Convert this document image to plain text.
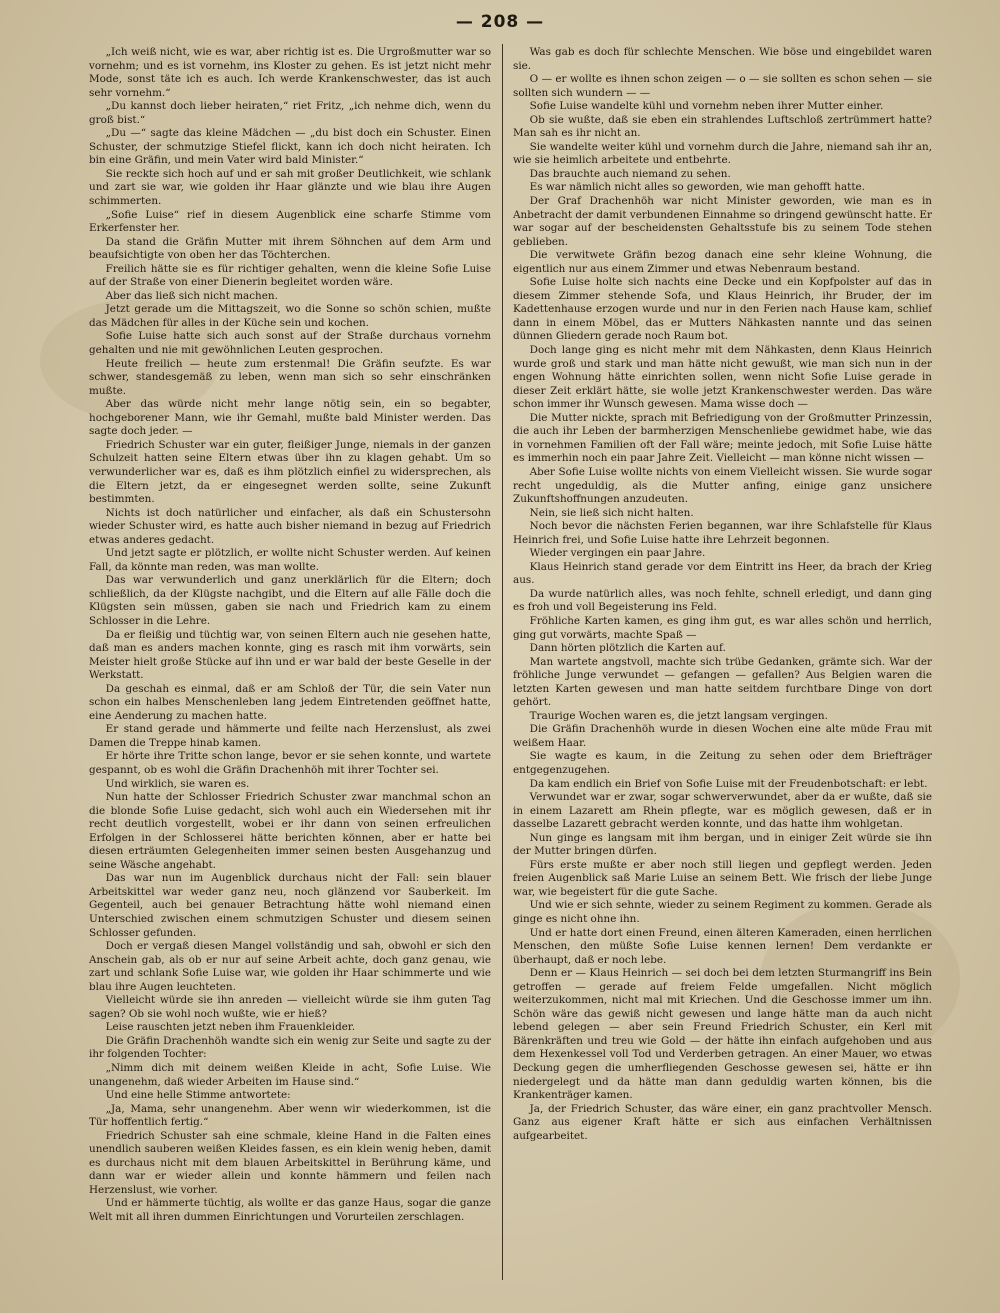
— 208 —

„Ich weiß nicht, wie es war, aber richtig ist es. Die Urgroßmutter war so vornehm; und es ist vornehm, ins Kloster zu gehen. Es ist jetzt nicht mehr Mode, sonst täte ich es auch. Ich werde Krankenschwester, das ist auch sehr vornehm.“

„Du kannst doch lieber heiraten,“ riet Fritz, „ich nehme dich, wenn du groß bist.“

„Du —“ sagte das kleine Mädchen — „du bist doch ein Schuster. Einen Schuster, der schmutzige Stiefel flickt, kann ich doch nicht heiraten. Ich bin eine Gräfin, und mein Vater wird bald Minister.“

Sie reckte sich hoch auf und er sah mit großer Deutlichkeit, wie schlank und zart sie war, wie golden ihr Haar glänzte und wie blau ihre Augen schimmerten.

„Sofie Luise“ rief in diesem Augenblick eine scharfe Stimme vom Erkerfenster her.

Da stand die Gräfin Mutter mit ihrem Söhnchen auf dem Arm und beaufsichtigte von oben her das Töchterchen.

Freilich hätte sie es für richtiger gehalten, wenn die kleine Sofie Luise auf der Straße von einer Dienerin begleitet worden wäre.

Aber das ließ sich nicht machen.

Jetzt gerade um die Mittagszeit, wo die Sonne so schön schien, mußte das Mädchen für alles in der Küche sein und kochen.

Sofie Luise hatte sich auch sonst auf der Straße durchaus vornehm gehalten und nie mit gewöhnlichen Leuten gesprochen.

Heute freilich — heute zum erstenmal! Die Gräfin seufzte. Es war schwer, standesgemäß zu leben, wenn man sich so sehr einschränken mußte.

Aber das würde nicht mehr lange nötig sein, ein so begabter, hochgeborener Mann, wie ihr Gemahl, mußte bald Minister werden. Das sagte doch jeder. —

Friedrich Schuster war ein guter, fleißiger Junge, niemals in der ganzen Schulzeit hatten seine Eltern etwas über ihn zu klagen gehabt. Um so verwunderlicher war es, daß es ihm plötzlich einfiel zu widersprechen, als die Eltern jetzt, da er eingesegnet werden sollte, seine Zukunft bestimmten.

Nichts ist doch natürlicher und einfacher, als daß ein Schustersohn wieder Schuster wird, es hatte auch bisher niemand in bezug auf Friedrich etwas anderes gedacht.

Und jetzt sagte er plötzlich, er wollte nicht Schuster werden. Auf keinen Fall, da könnte man reden, was man wollte.

Das war verwunderlich und ganz unerklärlich für die Eltern; doch schließlich, da der Klügste nachgibt, und die Eltern auf alle Fälle doch die Klügsten sein müssen, gaben sie nach und Friedrich kam zu einem Schlosser in die Lehre.

Da er fleißig und tüchtig war, von seinen Eltern auch nie gesehen hatte, daß man es anders machen konnte, ging es rasch mit ihm vorwärts, sein Meister hielt große Stücke auf ihn und er war bald der beste Geselle in der Werkstatt.

Da geschah es einmal, daß er am Schloß der Tür, die sein Vater nun schon ein halbes Menschenleben lang jedem Eintretenden geöffnet hatte, eine Aenderung zu machen hatte.

Er stand gerade und hämmerte und feilte nach Herzenslust, als zwei Damen die Treppe hinab kamen.

Er hörte ihre Tritte schon lange, bevor er sie sehen konnte, und wartete gespannt, ob es wohl die Gräfin Drachenhöh mit ihrer Tochter sei.

Und wirklich, sie waren es.

Nun hatte der Schlosser Friedrich Schuster zwar manchmal schon an die blonde Sofie Luise gedacht, sich wohl auch ein Wiedersehen mit ihr recht deutlich vorgestellt, wobei er ihr dann von seinen erfreulichen Erfolgen in der Schlosserei hätte berichten können, aber er hatte bei diesen erträumten Gelegenheiten immer seinen besten Ausgehanzug und seine Wäsche angehabt.

Das war nun im Augenblick durchaus nicht der Fall: sein blauer Arbeitskittel war weder ganz neu, noch glänzend vor Sauberkeit. Im Gegenteil, auch bei genauer Betrachtung hätte wohl niemand einen Unterschied zwischen einem schmutzigen Schuster und diesem seinen Schlosser gefunden.

Doch er vergaß diesen Mangel vollständig und sah, obwohl er sich den Anschein gab, als ob er nur auf seine Arbeit achte, doch ganz genau, wie zart und schlank Sofie Luise war, wie golden ihr Haar schimmerte und wie blau ihre Augen leuchteten.

Vielleicht würde sie ihn anreden — vielleicht würde sie ihm guten Tag sagen? Ob sie wohl noch wußte, wie er hieß?

Leise rauschten jetzt neben ihm Frauenkleider.

Die Gräfin Drachenhöh wandte sich ein wenig zur Seite und sagte zu der ihr folgenden Tochter:

„Nimm dich mit deinem weißen Kleide in acht, Sofie Luise. Wie unangenehm, daß wieder Arbeiten im Hause sind.“

Und eine helle Stimme antwortete:

„Ja, Mama, sehr unangenehm. Aber wenn wir wiederkommen, ist die Tür hoffentlich fertig.“

Friedrich Schuster sah eine schmale, kleine Hand in die Falten eines unendlich sauberen weißen Kleides fassen, es ein klein wenig heben, damit es durchaus nicht mit dem blauen Arbeitskittel in Berührung käme, und dann war er wieder allein und konnte hämmern und feilen nach Herzenslust, wie vorher.

Und er hämmerte tüchtig, als wollte er das ganze Haus, sogar die ganze Welt mit all ihren dummen Einrichtungen und Vorurteilen zerschlagen.

Was gab es doch für schlechte Menschen. Wie böse und eingebildet waren sie.

O — er wollte es ihnen schon zeigen — o — sie sollten es schon sehen — sie sollten sich wundern — —

Sofie Luise wandelte kühl und vornehm neben ihrer Mutter einher.

Ob sie wußte, daß sie eben ein strahlendes Luftschloß zertrümmert hatte? Man sah es ihr nicht an.

Sie wandelte weiter kühl und vornehm durch die Jahre, niemand sah ihr an, wie sie heimlich arbeitete und entbehrte.

Das brauchte auch niemand zu sehen.

Es war nämlich nicht alles so geworden, wie man gehofft hatte.

Der Graf Drachenhöh war nicht Minister geworden, wie man es in Anbetracht der damit verbundenen Einnahme so dringend gewünscht hatte. Er war sogar auf der bescheidensten Gehaltsstufe bis zu seinem Tode stehen geblieben.

Die verwitwete Gräfin bezog danach eine sehr kleine Wohnung, die eigentlich nur aus einem Zimmer und etwas Nebenraum bestand.

Sofie Luise holte sich nachts eine Decke und ein Kopfpolster auf das in diesem Zimmer stehende Sofa, und Klaus Heinrich, ihr Bruder, der im Kadettenhause erzogen wurde und nur in den Ferien nach Hause kam, schlief dann in einem Möbel, das er Mutters Nähkasten nannte und das seinen dünnen Gliedern gerade noch Raum bot.

Doch lange ging es nicht mehr mit dem Nähkasten, denn Klaus Heinrich wurde groß und stark und man hätte nicht gewußt, wie man sich nun in der engen Wohnung hätte einrichten sollen, wenn nicht Sofie Luise gerade in dieser Zeit erklärt hätte, sie wolle jetzt Krankenschwester werden. Das wäre schon immer ihr Wunsch gewesen. Mama wisse doch —

Die Mutter nickte, sprach mit Befriedigung von der Großmutter Prinzessin, die auch ihr Leben der barmherzigen Menschenliebe gewidmet habe, wie das in vornehmen Familien oft der Fall wäre; meinte jedoch, mit Sofie Luise hätte es immerhin noch ein paar Jahre Zeit. Vielleicht — man könne nicht wissen —

Aber Sofie Luise wollte nichts von einem Vielleicht wissen. Sie wurde sogar recht ungeduldig, als die Mutter anfing, einige ganz unsichere Zukunftshoffnungen anzudeuten.

Nein, sie ließ sich nicht halten.

Noch bevor die nächsten Ferien begannen, war ihre Schlafstelle für Klaus Heinrich frei, und Sofie Luise hatte ihre Lehrzeit begonnen.

Wieder vergingen ein paar Jahre.

Klaus Heinrich stand gerade vor dem Eintritt ins Heer, da brach der Krieg aus.

Da wurde natürlich alles, was noch fehlte, schnell erledigt, und dann ging es froh und voll Begeisterung ins Feld.

Fröhliche Karten kamen, es ging ihm gut, es war alles schön und herrlich, ging gut vorwärts, machte Spaß —

Dann hörten plötzlich die Karten auf.

Man wartete angstvoll, machte sich trübe Gedanken, grämte sich. War der fröhliche Junge verwundet — gefangen — gefallen? Aus Belgien waren die letzten Karten gewesen und man hatte seitdem furchtbare Dinge von dort gehört.

Traurige Wochen waren es, die jetzt langsam vergingen.

Die Gräfin Drachenhöh wurde in diesen Wochen eine alte müde Frau mit weißem Haar.

Sie wagte es kaum, in die Zeitung zu sehen oder dem Briefträger entgegenzugehen.

Da kam endlich ein Brief von Sofie Luise mit der Freudenbotschaft: er lebt.

Verwundet war er zwar, sogar schwerverwundet, aber da er wußte, daß sie in einem Lazarett am Rhein pflegte, war es möglich gewesen, daß er in dasselbe Lazarett gebracht werden konnte, und das hatte ihm wohlgetan.

Nun ginge es langsam mit ihm bergan, und in einiger Zeit würde sie ihn der Mutter bringen dürfen.

Fürs erste mußte er aber noch still liegen und gepflegt werden. Jeden freien Augenblick saß Marie Luise an seinem Bett. Wie frisch der liebe Junge war, wie begeistert für die gute Sache.

Und wie er sich sehnte, wieder zu seinem Regiment zu kommen. Gerade als ginge es nicht ohne ihn.

Und er hatte dort einen Freund, einen älteren Kameraden, einen herrlichen Menschen, den müßte Sofie Luise kennen lernen! Dem verdankte er überhaupt, daß er noch lebe.

Denn er — Klaus Heinrich — sei doch bei dem letzten Sturmangriff ins Bein getroffen — gerade auf freiem Felde umgefallen. Nicht möglich weiterzukommen, nicht mal mit Kriechen. Und die Geschosse immer um ihn. Schön wäre das gewiß nicht gewesen und lange hätte man da auch nicht lebend gelegen — aber sein Freund Friedrich Schuster, ein Kerl mit Bärenkräften und treu wie Gold — der hätte ihn einfach aufgehoben und aus dem Hexenkessel voll Tod und Verderben getragen. An einer Mauer, wo etwas Deckung gegen die umherfliegenden Geschosse gewesen sei, hätte er ihn niedergelegt und da hätte man dann geduldig warten können, bis die Krankenträger kamen.

Ja, der Friedrich Schuster, das wäre einer, ein ganz prachtvoller Mensch. Ganz aus eigener Kraft hätte er sich aus einfachen Verhältnissen aufgearbeitet.
